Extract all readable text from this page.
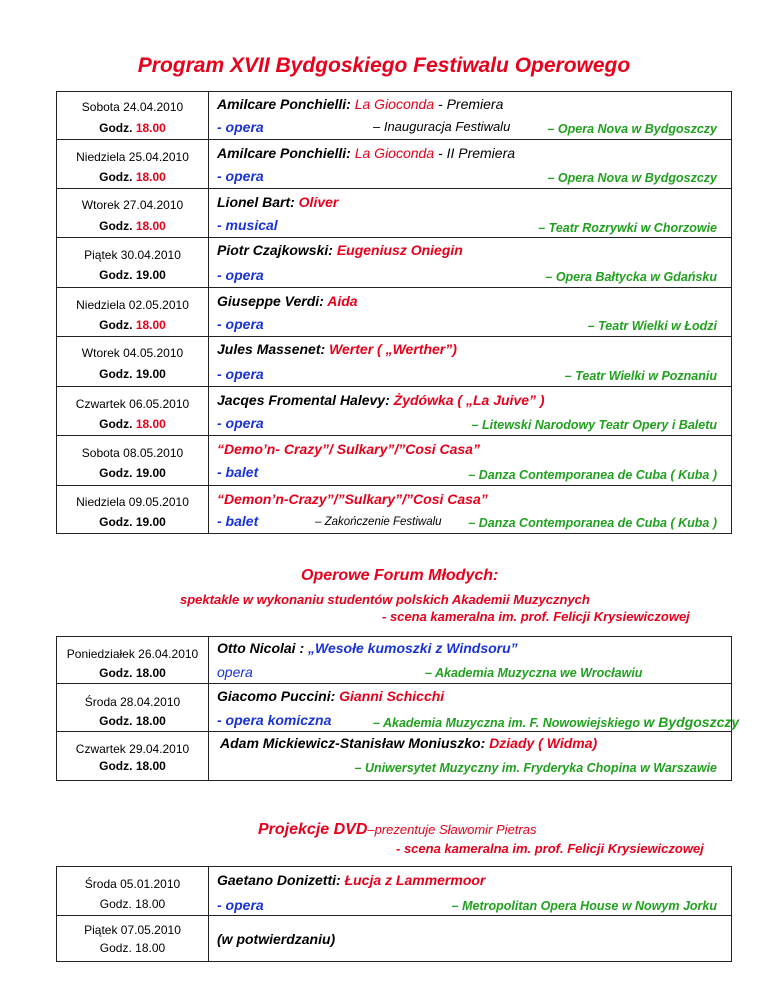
Program XVII Bydgoskiego Festiwalu Operowego
Sobota 24.04.2010
Godz. 18.00
Amilcare Ponchielli: La Gioconda - Premiera
- opera	– Inauguracja Festiwalu	– Opera Nova w Bydgoszczy
Niedziela 25.04.2010
Godz. 18.00
Amilcare Ponchielli: La Gioconda - II Premiera
- opera	– Opera Nova w Bydgoszczy
Wtorek 27.04.2010
Godz. 18.00
Lionel Bart: Oliver
- musical	– Teatr Rozrywki w Chorzowie
Piątek 30.04.2010
Godz. 19.00
Piotr Czajkowski: Eugeniusz Oniegin
- opera	– Opera Bałtycka w Gdańsku
Niedziela 02.05.2010
Godz. 18.00
Giuseppe Verdi: Aida
- opera	– Teatr Wielki w Łodzi
Wtorek 04.05.2010
Godz. 19.00
Jules Massenet: Werter ( „Werther”)
- opera	– Teatr Wielki w Poznaniu
Czwartek 06.05.2010
Godz. 18.00
Jacqes Fromental Halevy: Żydówka ( „La Juive” )
- opera	– Litewski Narodowy Teatr Opery i Baletu
Sobota 08.05.2010
Godz. 19.00
“Demo’n- Crazy”/ Sulkary”/”Cosi Casa”
- balet	– Danza Contemporanea de Cuba ( Kuba )
Niedziela 09.05.2010
Godz. 19.00
“Demon’n-Crazy”/”Sulkary”/”Cosi Casa”
- balet	– Zakończenie Festiwalu – Danza Contemporanea de Cuba ( Kuba )
Operowe Forum Młodych:
spektakle w wykonaniu studentów polskich Akademii Muzycznych
- scena kameralna im. prof. Felicji Krysiewiczowej
Poniedziałek 26.04.2010
Godz. 18.00
Otto Nicolai : „Wesołe kumoszki z Windsoru”
opera	– Akademia Muzyczna we Wrocławiu
Środa 28.04.2010
Godz. 18.00
Giacomo Puccini: Gianni Schicchi
- opera komiczna	– Akademia Muzyczna im. F. Nowowiejskiego w Bydgoszczy
Czwartek 29.04.2010
Godz. 18.00
Adam Mickiewicz-Stanisław Moniuszko: Dziady ( Widma)
– Uniwersytet Muzyczny im. Fryderyka Chopina w Warszawie
Projekcje DVD–prezentuje Sławomir Pietras
- scena kameralna im. prof. Felicji Krysiewiczowej
Środa 05.01.2010
Godz. 18.00
Gaetano Donizetti: Łucja z Lammermoor
- opera	– Metropolitan Opera House w Nowym Jorku
Piątek 07.05.2010
Godz. 18.00
(w potwierdzaniu)
